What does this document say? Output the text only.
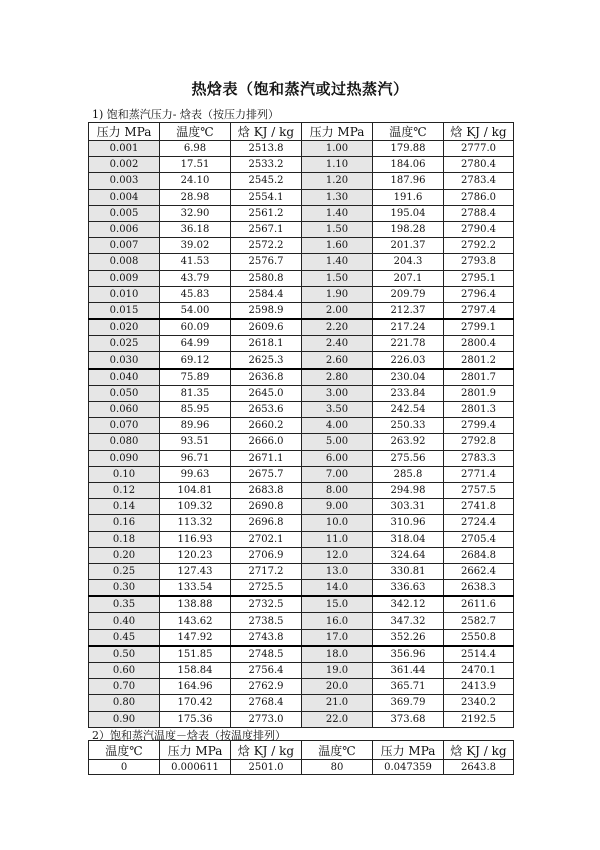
热焓表（饱和蒸汽或过热蒸汽）
1) 饱和蒸汽压力- 焓表（按压力排列）
压力 MPa	温度℃	焓 KJ / kg	压力 MPa	温度℃	焓 KJ / kg
0.001	6.98	2513.8	1.00	179.88	2777.0
0.002	17.51	2533.2	1.10	184.06	2780.4
0.003	24.10	2545.2	1.20	187.96	2783.4
0.004	28.98	2554.1	1.30	191.6	2786.0
0.005	32.90	2561.2	1.40	195.04	2788.4
0.006	36.18	2567.1	1.50	198.28	2790.4
0.007	39.02	2572.2	1.60	201.37	2792.2
0.008	41.53	2576.7	1.40	204.3	2793.8
0.009	43.79	2580.8	1.50	207.1	2795.1
0.010	45.83	2584.4	1.90	209.79	2796.4
0.015	54.00	2598.9	2.00	212.37	2797.4
0.020	60.09	2609.6	2.20	217.24	2799.1
0.025	64.99	2618.1	2.40	221.78	2800.4
0.030	69.12	2625.3	2.60	226.03	2801.2
0.040	75.89	2636.8	2.80	230.04	2801.7
0.050	81.35	2645.0	3.00	233.84	2801.9
0.060	85.95	2653.6	3.50	242.54	2801.3
0.070	89.96	2660.2	4.00	250.33	2799.4
0.080	93.51	2666.0	5.00	263.92	2792.8
0.090	96.71	2671.1	6.00	275.56	2783.3
0.10	99.63	2675.7	7.00	285.8	2771.4
0.12	104.81	2683.8	8.00	294.98	2757.5
0.14	109.32	2690.8	9.00	303.31	2741.8
0.16	113.32	2696.8	10.0	310.96	2724.4
0.18	116.93	2702.1	11.0	318.04	2705.4
0.20	120.23	2706.9	12.0	324.64	2684.8
0.25	127.43	2717.2	13.0	330.81	2662.4
0.30	133.54	2725.5	14.0	336.63	2638.3
0.35	138.88	2732.5	15.0	342.12	2611.6
0.40	143.62	2738.5	16.0	347.32	2582.7
0.45	147.92	2743.8	17.0	352.26	2550.8
0.50	151.85	2748.5	18.0	356.96	2514.4
0.60	158.84	2756.4	19.0	361.44	2470.1
0.70	164.96	2762.9	20.0	365.71	2413.9
0.80	170.42	2768.4	21.0	369.79	2340.2
0.90	175.36	2773.0	22.0	373.68	2192.5
2）饱和蒸汽温度－焓表（按温度排列）
温度℃	压力 MPa	焓 KJ / kg	温度℃	压力 MPa	焓 KJ / kg
0	0.000611	2501.0	80	0.047359	2643.8
